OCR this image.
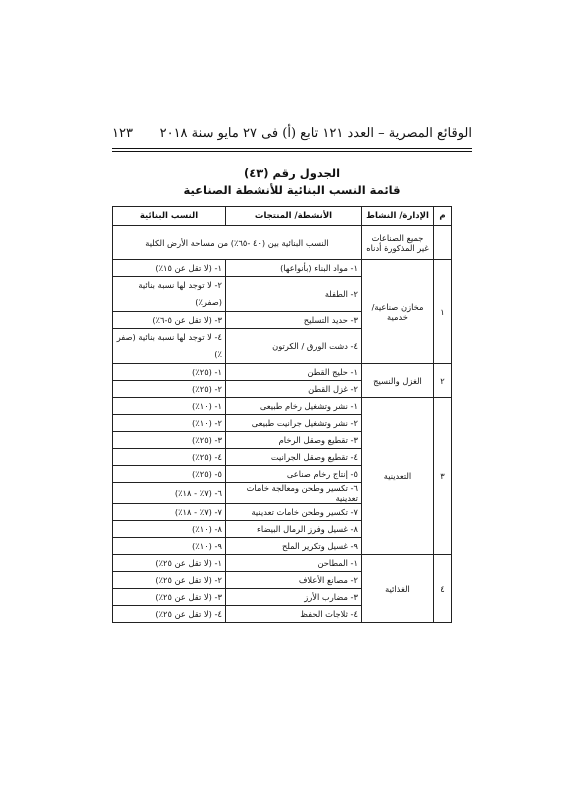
الوقائع المصرية – العدد ١٢١ تابع (أ) فى ٢٧ مايو سنة ٢٠١٨
١٢٣
الجدول رقم (٤٣)
قائمة النسب البنائية للأنشطة الصناعية
م	الإدارة/ النشاط	الأنشطة/ المنتجات	النسب البنائية
	جميع الصناعات غير المذكورة أدناه	النسب البنائية بين (٤٠ -٦٥٪) من مساحة الأرض الكلية	
١	مخازن صناعية/ خدمية	١- مواد البناء (بأنواعها)	١- (لا تقل عن ١٥٪)
		٢- الطفلة	٢- لا توجد لها نسبة بنائية (صفر٪)
		٣- حديد التسليح	٣- (لا تقل عن ٥-٦٪)
		٤- دشت الورق / الكرتون	٤- لا توجد لها نسبة بنائية (صفر ٪)
٢	الغزل والنسيج	١- حليج القطن	١- (٢٥٪)
		٢- غزل القطن	٢- (٢٥٪)
٣	التعدينية	١- نشر وتشغيل رخام طبيعى	١- (١٠٪)
		٢- نشر وتشغيل جرانيت طبيعى	٢- (١٠٪)
		٣- تقطيع وصقل الرخام	٣- (٢٥٪)
		٤- تقطيع وصقل الجرانيت	٤- (٢٥٪)
		٥- إنتاج رخام صناعى	٥- (٢٥٪)
		٦- تكسير وطحن ومعالجة خامات تعدينية	٦- (٧٪ - ١٨٪)
		٧- تكسير وطحن خامات تعدينية	٧- (٧٪ - ١٨٪)
		٨- غسيل وفرز الرمال البيضاء	٨- (١٠٪)
		٩- غسيل وتكرير الملح	٩- (١٠٪)
٤	الغذائية	١- المطاحن	١- (لا تقل عن ٢٥٪)
		٢- مصانع الأعلاف	٢- (لا تقل عن ٢٥٪)
		٣- مضارب الأرز	٣- (لا تقل عن ٢٥٪)
		٤- ثلاجات الحفظ	٤- (لا تقل عن ٢٥٪)
